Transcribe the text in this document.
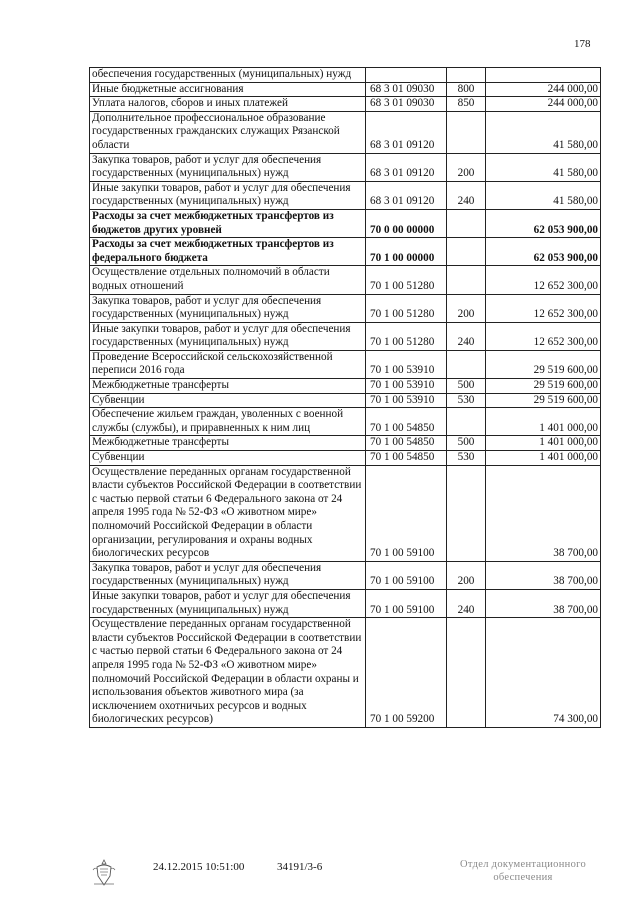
178
обеспечения государственных (муниципальных) нужд			
Иные бюджетные ассигнования	68 3 01 09030	800	244 000,00
Уплата налогов, сборов и иных платежей	68 3 01 09030	850	244 000,00
Дополнительное профессиональное образование государственных гражданских служащих Рязанской области	68 3 01 09120		41 580,00
Закупка товаров, работ и услуг для обеспечения государственных (муниципальных) нужд	68 3 01 09120	200	41 580,00
Иные закупки товаров, работ и услуг для обеспечения государственных (муниципальных) нужд	68 3 01 09120	240	41 580,00
Расходы за счет межбюджетных трансфертов из бюджетов других уровней	70 0 00 00000		62 053 900,00
Расходы за счет межбюджетных трансфертов из федерального бюджета	70 1 00 00000		62 053 900,00
Осуществление отдельных полномочий в области водных отношений	70 1 00 51280		12 652 300,00
Закупка товаров, работ и услуг для обеспечения государственных (муниципальных) нужд	70 1 00 51280	200	12 652 300,00
Иные закупки товаров, работ и услуг для обеспечения государственных (муниципальных) нужд	70 1 00 51280	240	12 652 300,00
Проведение Всероссийской сельскохозяйственной переписи 2016 года	70 1 00 53910		29 519 600,00
Межбюджетные трансферты	70 1 00 53910	500	29 519 600,00
Субвенции	70 1 00 53910	530	29 519 600,00
Обеспечение жильем граждан, уволенных с военной службы (службы), и приравненных к ним лиц	70 1 00 54850		1 401 000,00
Межбюджетные трансферты	70 1 00 54850	500	1 401 000,00
Субвенции	70 1 00 54850	530	1 401 000,00
Осуществление переданных органам государственной власти субъектов Российской Федерации в соответствии с частью первой статьи 6 Федерального закона от 24 апреля 1995 года № 52-ФЗ «О животном мире» полномочий Российской Федерации в области организации, регулирования и охраны водных биологических ресурсов	70 1 00 59100		38 700,00
Закупка товаров, работ и услуг для обеспечения государственных (муниципальных) нужд	70 1 00 59100	200	38 700,00
Иные закупки товаров, работ и услуг для обеспечения государственных (муниципальных) нужд	70 1 00 59100	240	38 700,00
Осуществление переданных органам государственной власти субъектов Российской Федерации в соответствии с частью первой статьи 6 Федерального закона от 24 апреля 1995 года № 52-ФЗ «О животном мире» полномочий Российской Федерации в области охраны и использования объектов животного мира (за исключением охотничьих ресурсов и водных биологических ресурсов)	70 1 00 59200		74 300,00
24.12.2015 10:51:00	34191/3-6	Отдел документационного
обеспечения
